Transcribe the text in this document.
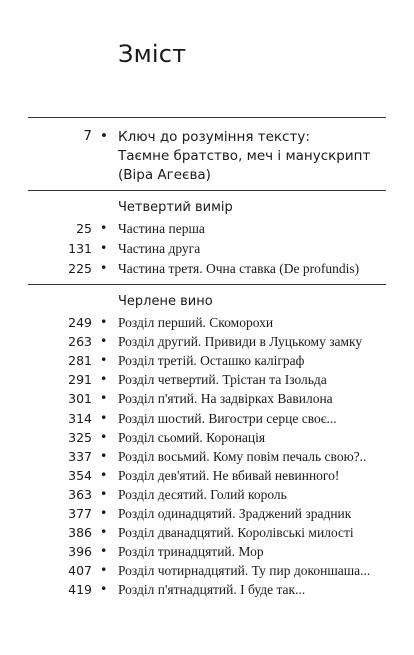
Зміст
7 • Ключ до розуміння тексту:
Таємне братство, меч і манускрипт
(Віра Агеєва)
Четвертий вимір
Черлене вино
25 • Частина перша
131 • Частина друга
225 • Частина третя. Очна ставка (De profundis)
249 • Розділ перший. Скоморохи
263 • Розділ другий. Привиди в Луцькому замку
281 • Розділ третій. Осташко каліграф
291 • Розділ четвертий. Трістан та Ізольда
301 • Розділ п'ятий. На задвірках Вавилона
314 • Розділ шостий. Вигостри серце своє...
325 • Розділ сьомий. Коронація
337 • Розділ восьмий. Кому повім печаль свою?..
354 • Розділ дев'ятий. Не вбивай невинного!
363 • Розділ десятий. Голий король
377 • Розділ одинадцятий. Зраджений зрадник
386 • Розділ дванадцятий. Королівські милості
396 • Розділ тринадцятий. Мор
407 • Розділ чотирнадцятий. Ту пир доконшаша...
419 • Розділ п'ятнадцятий. І буде так...
